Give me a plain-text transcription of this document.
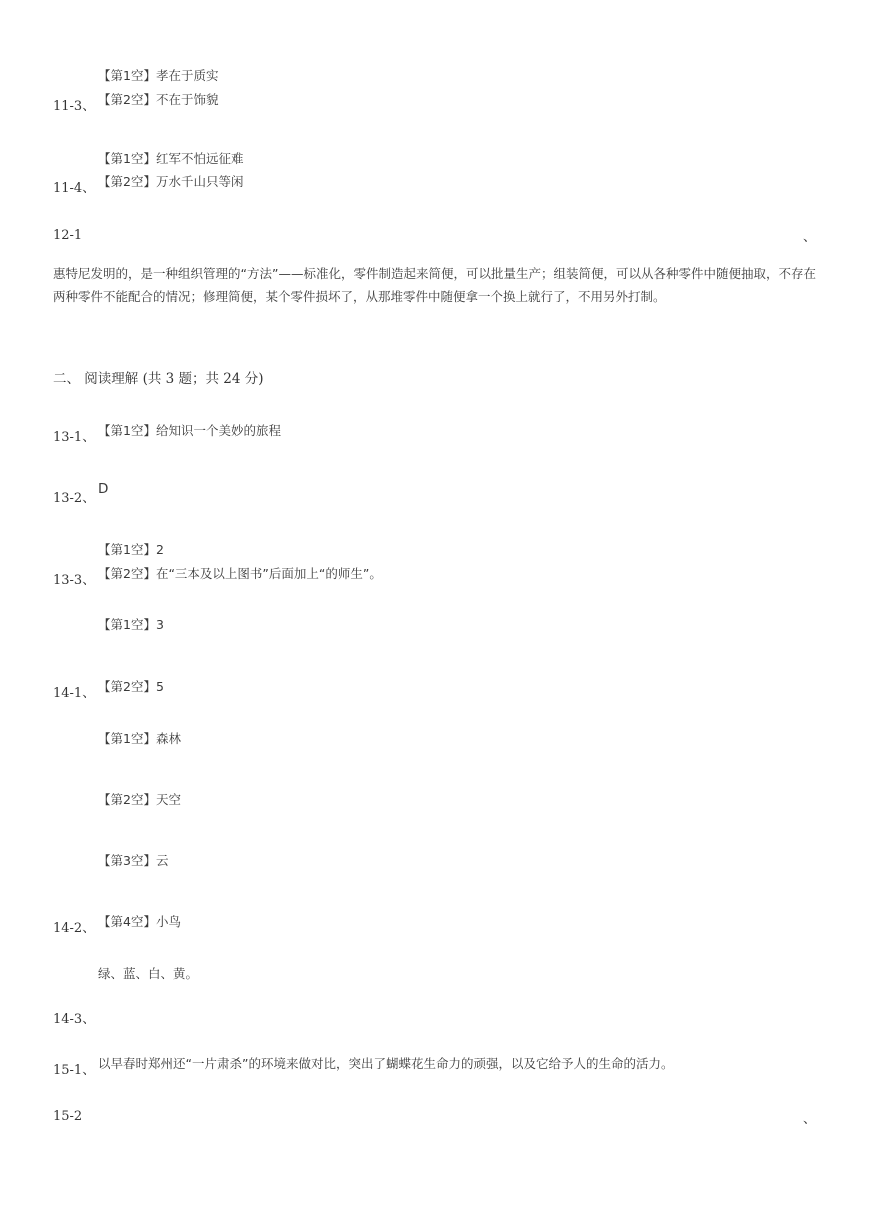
【第1空】孝在于质实
11-3、 【第2空】不在于饰貌
【第1空】红军不怕远征难
11-4、 【第2空】万水千山只等闲
12-1	、
惠特尼发明的，是一种组织管理的“方法”——标准化，零件制造起来简便，可以批量生产；组装简便，可以从各种零件中随便抽取，不存在两种零件不能配合的情况；修理简便，某个零件损坏了，从那堆零件中随便拿一个换上就行了，不用另外打制。
二、 阅读理解 (共 3 题；共 24 分)
13-1、 【第1空】给知识一个美妙的旅程
13-2、
D
【第1空】2
13-3、 【第2空】在“三本及以上图书”后面加上“的师生”。
【第1空】3
14-1、 【第2空】5
【第1空】森林
【第2空】天空
【第3空】云
14-2、 【第4空】小鸟
绿、蓝、白、黄。
14-3、
15-1、 以早春时郑州还“一片肃杀”的环境来做对比，突出了蝴蝶花生命力的顽强，以及它给予人的生命的活力。
15-2	、
